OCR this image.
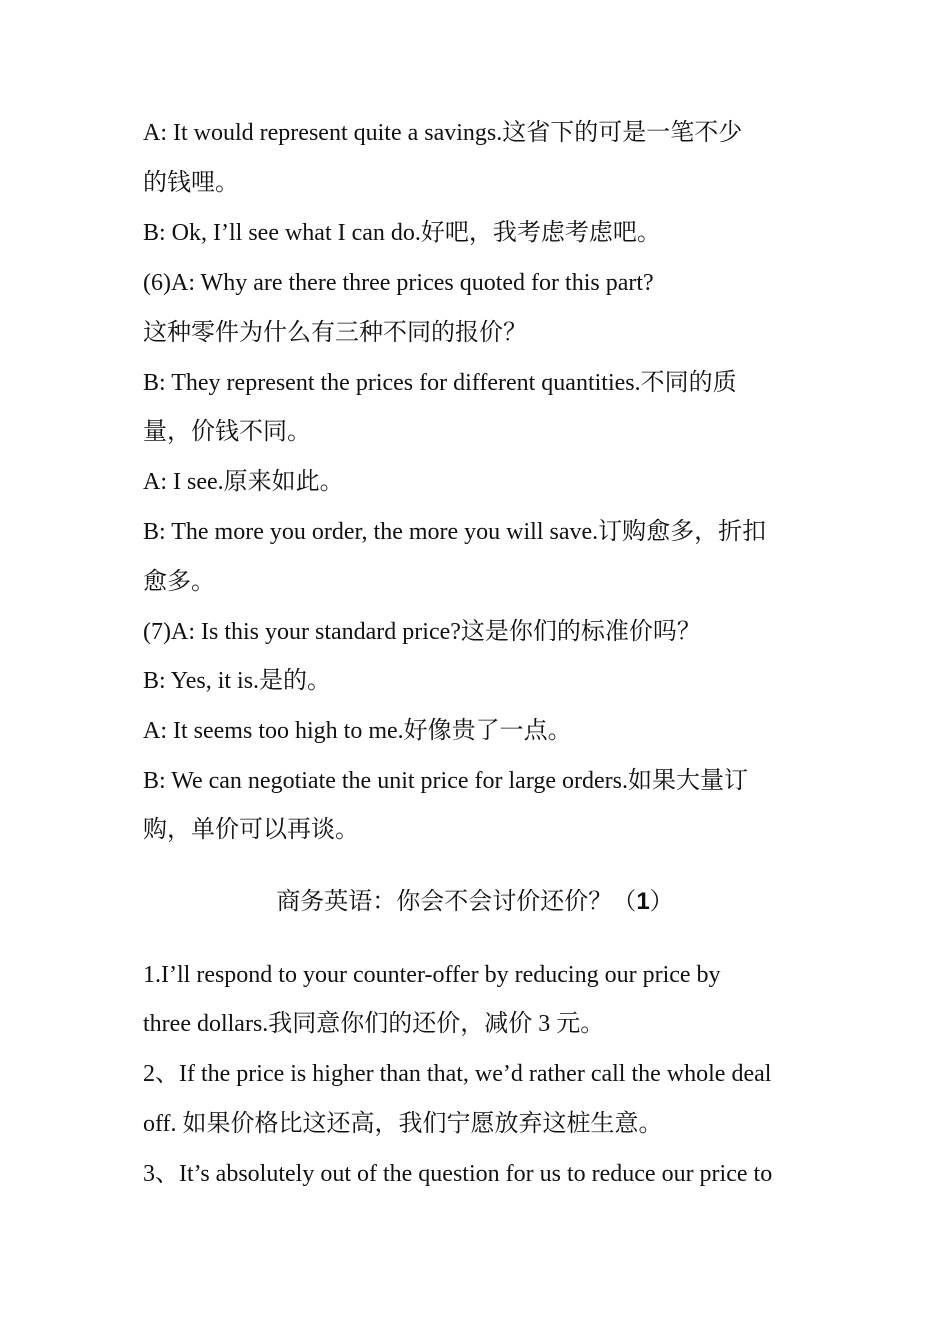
A: It would represent quite a savings.这省下的可是一笔不少
的钱哩。
B: Ok, I’ll see what I can do.好吧，我考虑考虑吧。
(6)A: Why are there three prices quoted for this part?
这种零件为什么有三种不同的报价？
B: They represent the prices for different quantities.不同的质
量，价钱不同。
A: I see.原来如此。
B: The more you order, the more you will save.订购愈多，折扣
愈多。
(7)A: Is this your standard price?这是你们的标准价吗？
B: Yes, it is.是的。
A: It seems too high to me.好像贵了一点。
B: We can negotiate the unit price for large orders.如果大量订
购，单价可以再谈。
商务英语：你会不会讨价还价？（1）
1.I’ll respond to your counter-offer by reducing our price by
three dollars.我同意你们的还价，减价 3 元。
2、If the price is higher than that, we’d rather call the whole deal
off. 如果价格比这还高，我们宁愿放弃这桩生意。
3、It’s absolutely out of the question for us to reduce our price to
